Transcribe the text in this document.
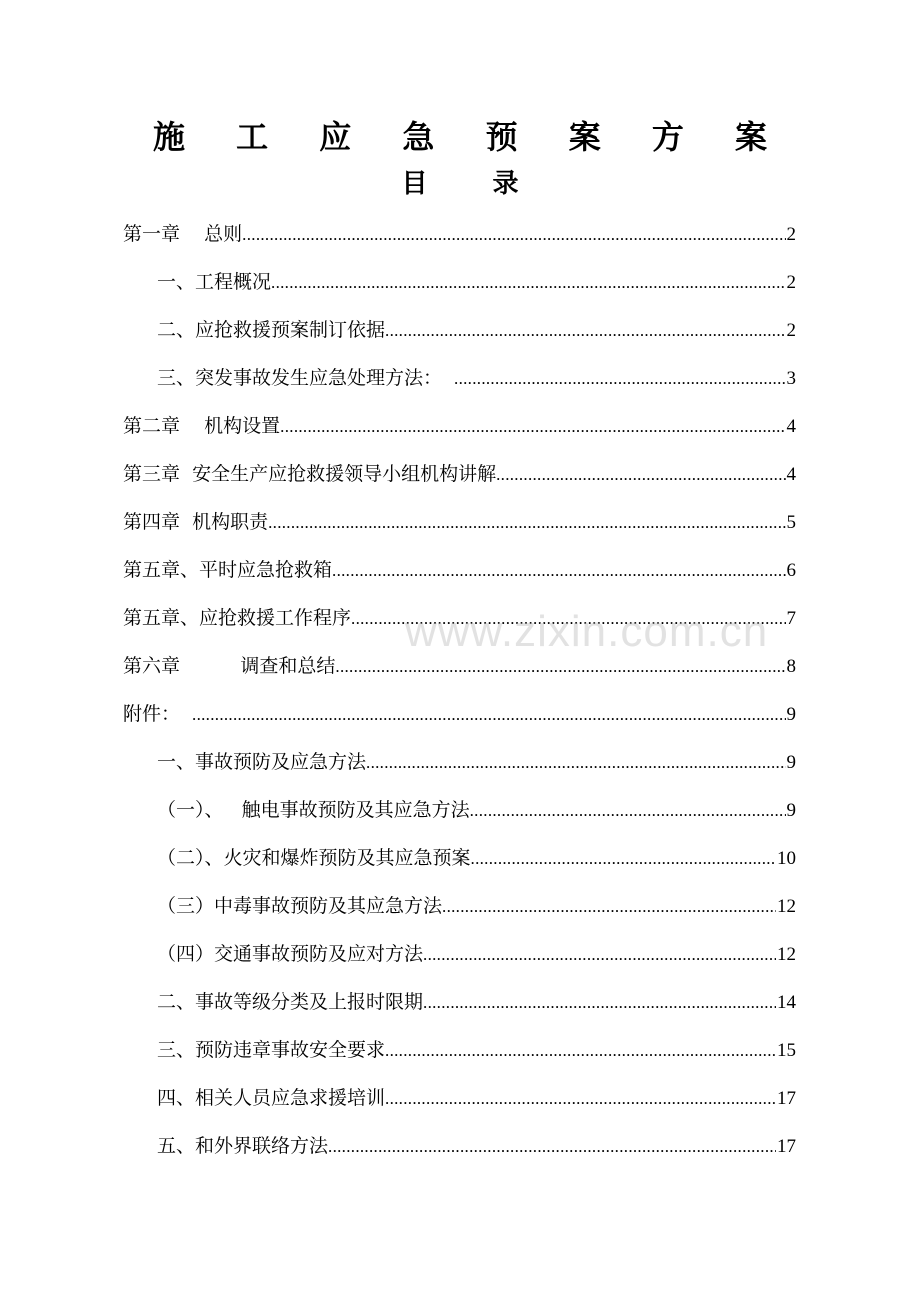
施 工 应 急 预 案 方 案
目 录
第一章    总则 .....	2
一、工程概况 .....	2
二、应抢救援预案制订依据 .....	2
三、突发事故发生应急处理方法： .....	3
第二章    机构设置 .....	4
第三章  安全生产应抢救援领导小组机构讲解 .....	4
第四章  机构职责 .....	5
第五章、平时应急抢救箱 .....	6
第五章、应抢救援工作程序 .....	7
第六章          调查和总结 .....	8
附件： .....	9
一、事故预防及应急方法 .....	9
（一）、   触电事故预防及其应急方法 .....	9
（二）、火灾和爆炸预防及其应急预案 .....	10
（三）中毒事故预防及其应急方法 .....	12
（四）交通事故预防及应对方法 .....	12
二、事故等级分类及上报时限期 .....	14
三、预防违章事故安全要求 .....	15
四、相关人员应急求援培训 .....	17
五、和外界联络方法 .....	17
www.zixin.com.cn
